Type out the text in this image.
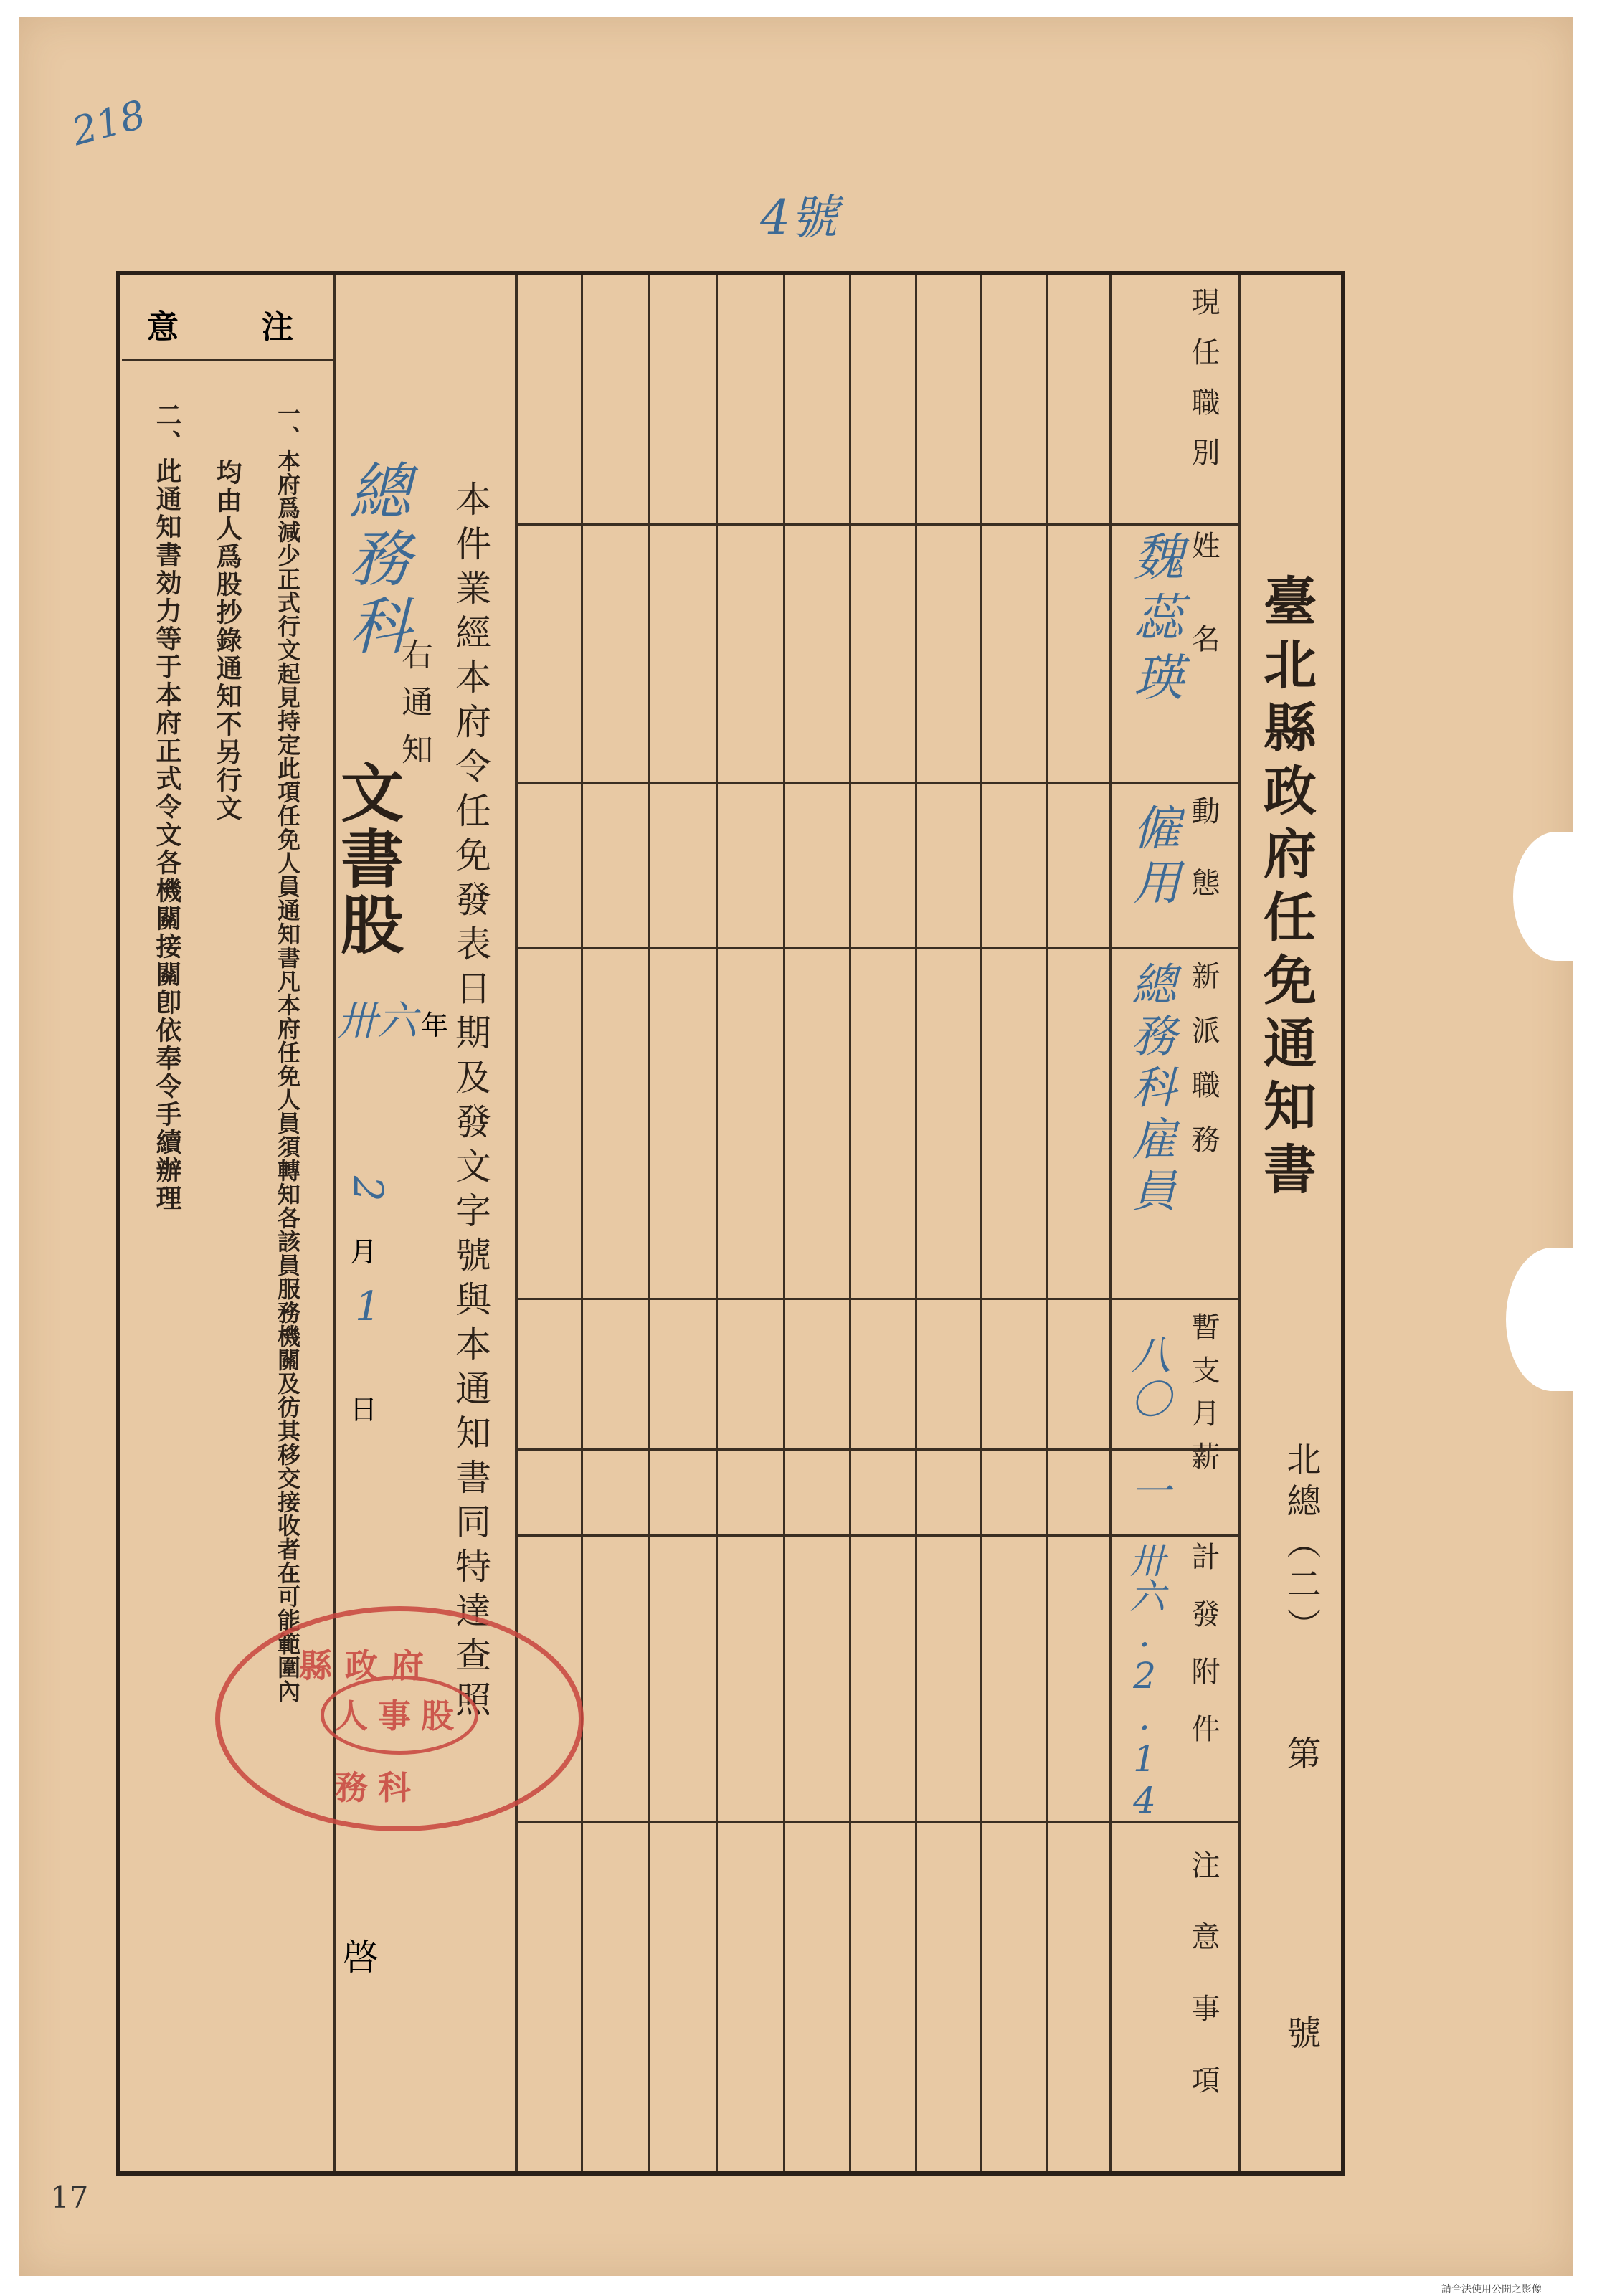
218
4號
臺北縣政府任免通知書
北總（二）
第
號
現任職別
姓名
動態
新派職務
暫支月薪
計發附件
注意事項
魏蕊瑛
僱用
總務科雇員
八〇
一
卅六.2.14
本件業經本府令任免發表日期及發文字號與本通知書同特達查照
總務科
右通知
文書股
卅六 年
2
月
1
日
啓
注
意
一、本府爲減少正式行文起見持定此項任免人員通知書凡本府任免人員須轉知各該員服務機關及彷其移交接收者在可能範圍內
均由人爲股抄錄通知不另行文
二、此通知書効力等于本府正式令文各機關接關卽依奉令手續辦理
縣政府
人事股
務科
17
請合法使用公開之影像
